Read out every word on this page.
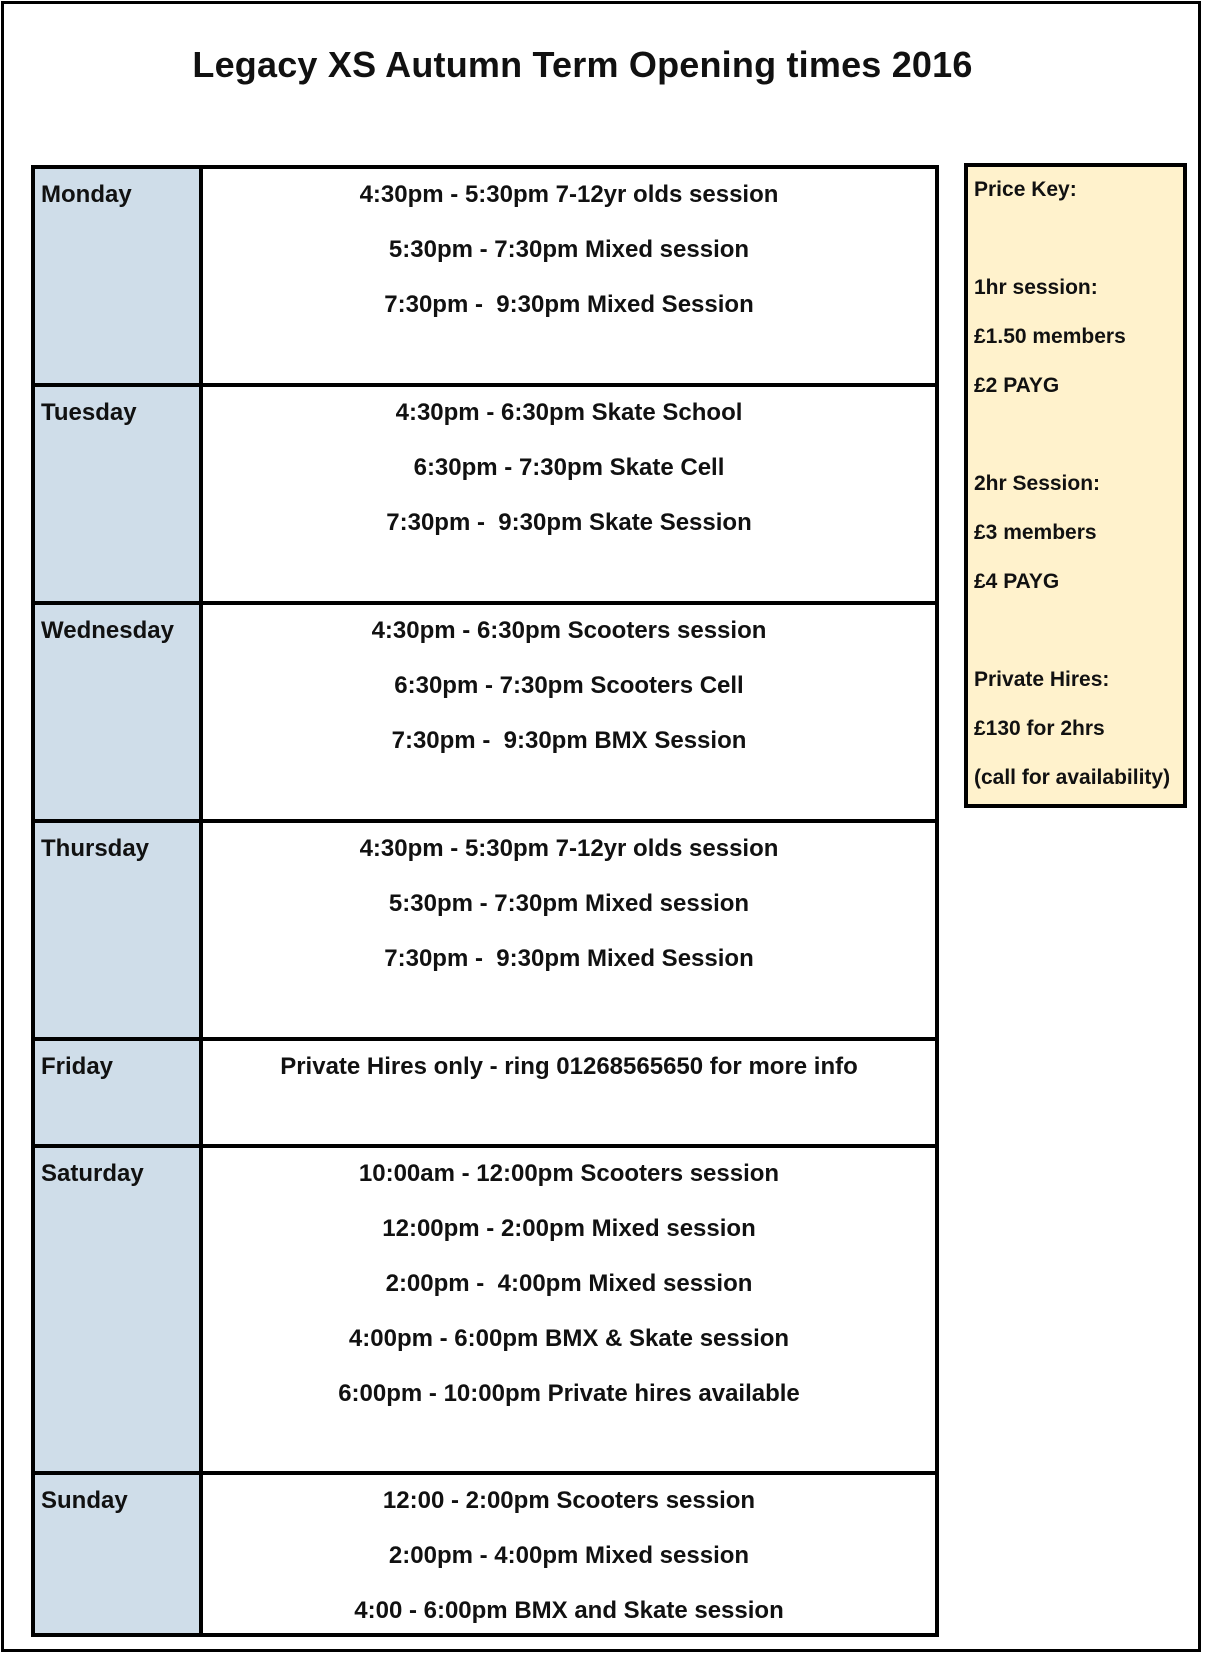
Legacy XS Autumn Term Opening times 2016
Monday	4:30pm - 5:30pm 7-12yr olds session
5:30pm - 7:30pm Mixed session
7:30pm -  9:30pm Mixed Session
Tuesday	4:30pm - 6:30pm Skate School
6:30pm - 7:30pm Skate Cell
7:30pm -  9:30pm Skate Session
Wednesday	4:30pm - 6:30pm Scooters session
6:30pm - 7:30pm Scooters Cell
7:30pm -  9:30pm BMX Session
Thursday	4:30pm - 5:30pm 7-12yr olds session
5:30pm - 7:30pm Mixed session
7:30pm -  9:30pm Mixed Session
Friday	Private Hires only - ring 01268565650 for more info
Saturday	10:00am - 12:00pm Scooters session
12:00pm - 2:00pm Mixed session
2:00pm -  4:00pm Mixed session
4:00pm - 6:00pm BMX & Skate session
6:00pm - 10:00pm Private hires available
Sunday	12:00 - 2:00pm Scooters session
2:00pm - 4:00pm Mixed session
4:00 - 6:00pm BMX and Skate session
Price Key:
1hr session:
£1.50 members
£2 PAYG
2hr Session:
£3 members
£4 PAYG
Private Hires:
£130 for 2hrs
(call for availability)
